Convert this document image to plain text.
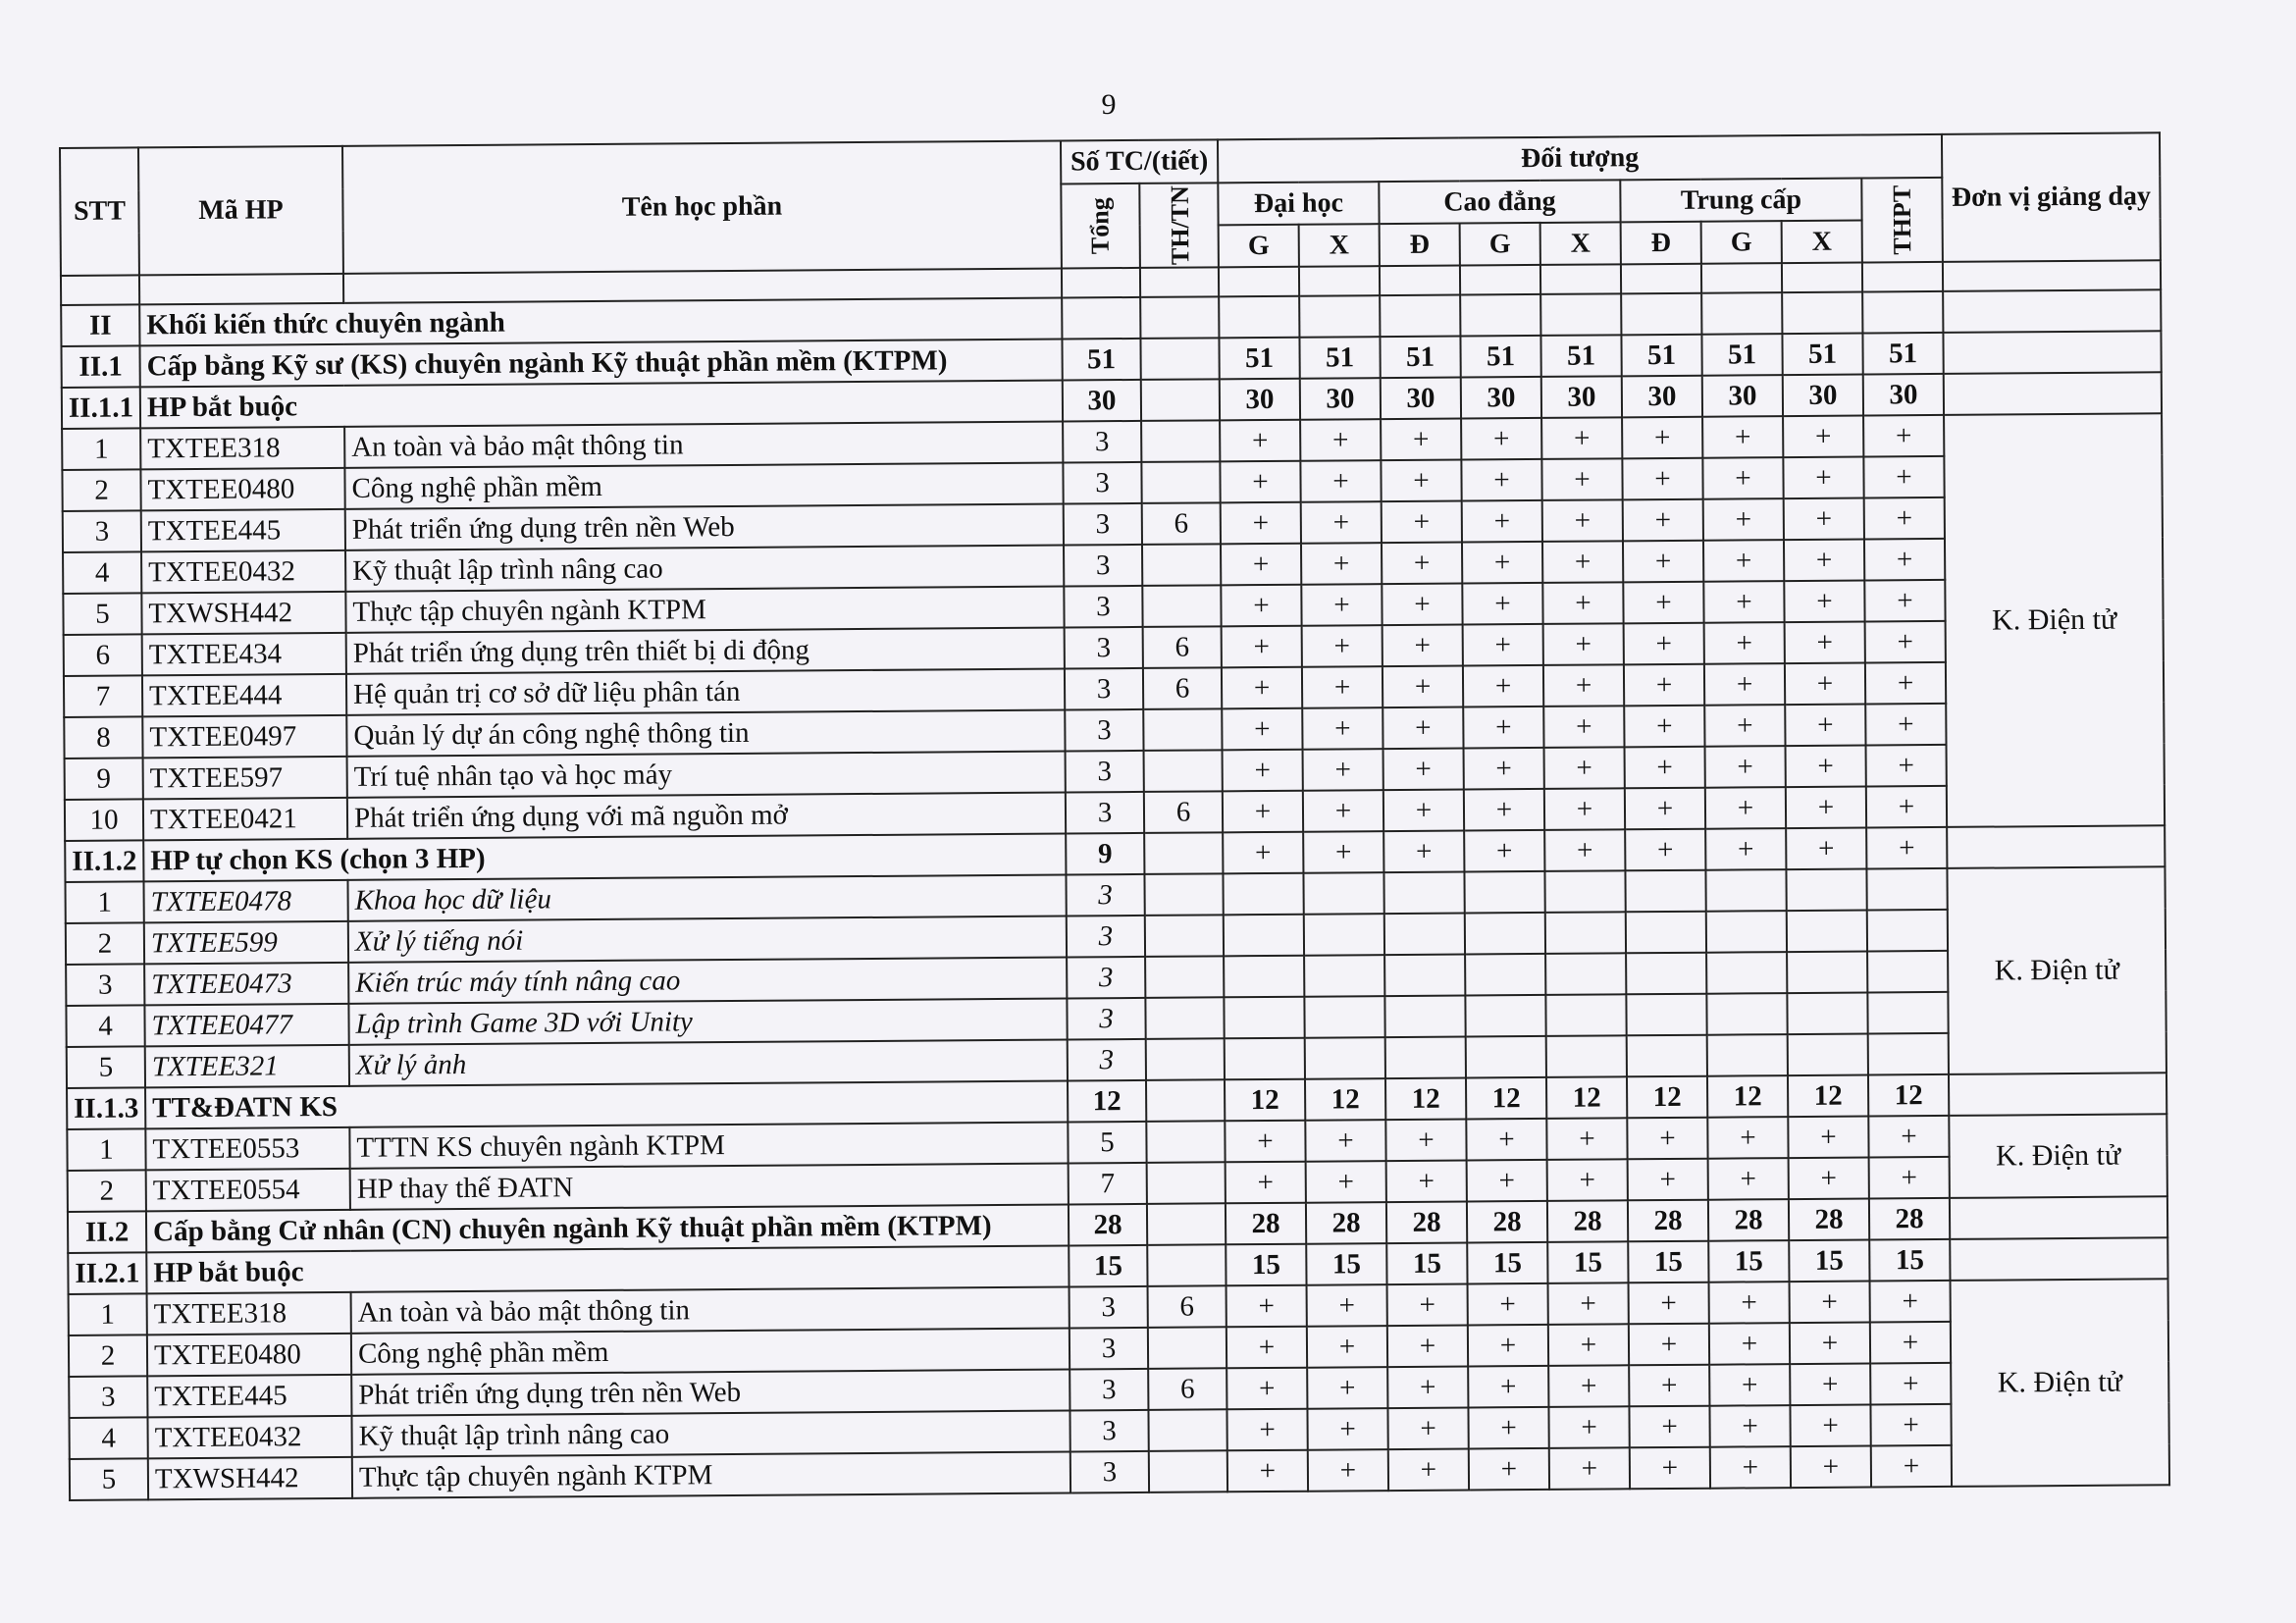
9
STT	Mã HP	Tên học phần	Số TC/(tiết)		Đối tượng									Đơn vị giảng dạy
			Tổng	TH/TN	Đại học		Cao đẳng			Trung cấp			THPT	
					G	X	Đ	G	X	Đ	G	X		

II	Khối kiến thức chuyên ngành													
II.1	Cấp bằng Kỹ sư (KS) chuyên ngành Kỹ thuật phần mềm (KTPM)		51		51	51	51	51	51	51	51	51	51	
II.1.1	HP bắt buộc		30		30	30	30	30	30	30	30	30	30	
1	TXTEE318	An toàn và bảo mật thông tin	3		+	+	+	+	+	+	+	+	+	K. Điện tử
2	TXTEE0480	Công nghệ phần mềm	3		+	+	+	+	+	+	+	+	+	
3	TXTEE445	Phát triển ứng dụng trên nền Web	3	6	+	+	+	+	+	+	+	+	+	
4	TXTEE0432	Kỹ thuật lập trình nâng cao	3		+	+	+	+	+	+	+	+	+	
5	TXWSH442	Thực tập chuyên ngành KTPM	3		+	+	+	+	+	+	+	+	+	
6	TXTEE434	Phát triển ứng dụng trên thiết bị di động	3	6	+	+	+	+	+	+	+	+	+	
7	TXTEE444	Hệ quản trị cơ sở dữ liệu phân tán	3	6	+	+	+	+	+	+	+	+	+	
8	TXTEE0497	Quản lý dự án công nghệ thông tin	3		+	+	+	+	+	+	+	+	+	
9	TXTEE597	Trí tuệ nhân tạo và học máy	3		+	+	+	+	+	+	+	+	+	
10	TXTEE0421	Phát triển ứng dụng với mã nguồn mở	3	6	+	+	+	+	+	+	+	+	+	
II.1.2	HP tự chọn KS (chọn 3 HP)		9		+	+	+	+	+	+	+	+	+	
1	TXTEE0478	Khoa học dữ liệu	3											K. Điện tử
2	TXTEE599	Xử lý tiếng nói	3											
3	TXTEE0473	Kiến trúc máy tính nâng cao	3											
4	TXTEE0477	Lập trình Game 3D với Unity	3											
5	TXTEE321	Xử lý ảnh	3											
II.1.3	TT&ĐATN KS		12		12	12	12	12	12	12	12	12	12	
1	TXTEE0553	TTTN KS chuyên ngành KTPM	5		+	+	+	+	+	+	+	+	+	K. Điện tử
2	TXTEE0554	HP thay thế ĐATN	7		+	+	+	+	+	+	+	+	+	
II.2	Cấp bằng Cử nhân (CN) chuyên ngành Kỹ thuật phần mềm (KTPM)		28		28	28	28	28	28	28	28	28	28	
II.2.1	HP bắt buộc		15		15	15	15	15	15	15	15	15	15	
1	TXTEE318	An toàn và bảo mật thông tin	3	6	+	+	+	+	+	+	+	+	+	K. Điện tử
2	TXTEE0480	Công nghệ phần mềm	3		+	+	+	+	+	+	+	+	+	
3	TXTEE445	Phát triển ứng dụng trên nền Web	3	6	+	+	+	+	+	+	+	+	+	
4	TXTEE0432	Kỹ thuật lập trình nâng cao	3		+	+	+	+	+	+	+	+	+	
5	TXWSH442	Thực tập chuyên ngành KTPM	3		+	+	+	+	+	+	+	+	+	
